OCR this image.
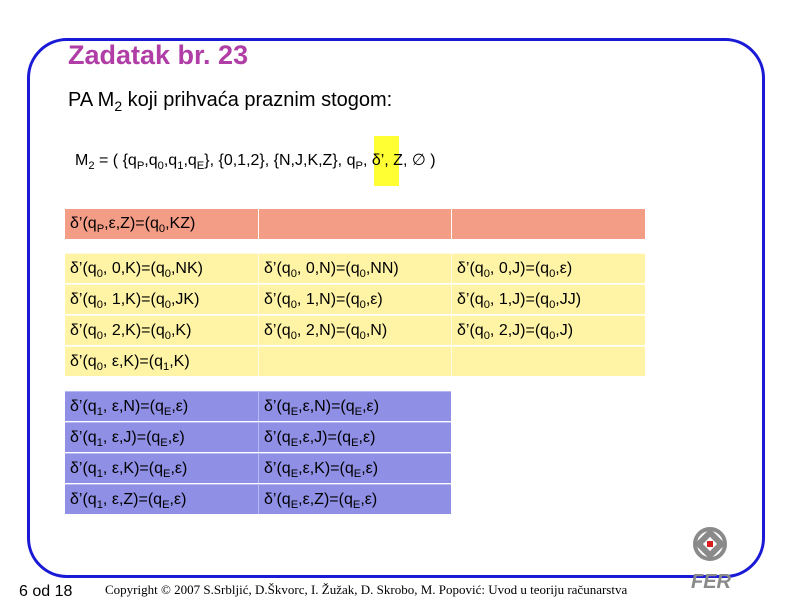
Zadatak br. 23
PA $M_2$ koji prihvaća praznim stogom:
$M_2$ = ( $\{q_P,q_0,q_1,q_E\}$, {0,1,2}, {N,J,K,Z}, $q_P$, δ’, Z, ∅ )
$\delta’(q_P,\varepsilon,Z)=(q_0,KZ)$
$\delta’(q_0$, $0,K)=(q_0,NK)$	$\delta’(q_0$, $0,N)=(q_0,NN)$	$\delta’(q_0$, $0,J)=(q_0,\varepsilon)$
$\delta’(q_0$, $1,K)=(q_0,JK)$	$\delta’(q_0$, $1,N)=(q_0,\varepsilon)$	$\delta’(q_0$, $1,J)=(q_0,JJ)$
$\delta’(q_0$, $2,K)=(q_0,K)$	$\delta’(q_0$, $2,N)=(q_0,N)$	$\delta’(q_0$, $2,J)=(q_0,J)$
$\delta’(q_0$, $\varepsilon,K)=(q_1,K)$
$\delta’(q_1$, $\varepsilon,N)=(q_E,\varepsilon)$	$\delta’(q_E,\varepsilon,N)=(q_E,\varepsilon)$
$\delta’(q_1$, $\varepsilon,J)=(q_E,\varepsilon)$	$\delta’(q_E,\varepsilon,J)=(q_E,\varepsilon)$
$\delta’(q_1$, $\varepsilon,K)=(q_E,\varepsilon)$	$\delta’(q_E,\varepsilon,K)=(q_E,\varepsilon)$
$\delta’(q_1$, $\varepsilon,Z)=(q_E,\varepsilon)$	$\delta’(q_E,\varepsilon,Z)=(q_E,\varepsilon)$
6 od 18	Copyright © 2007 S.Srbljić, D.Škvorc, I. Žužak, D. Skrobo, M. Popović: Uvod u teoriju računarstva	FER
